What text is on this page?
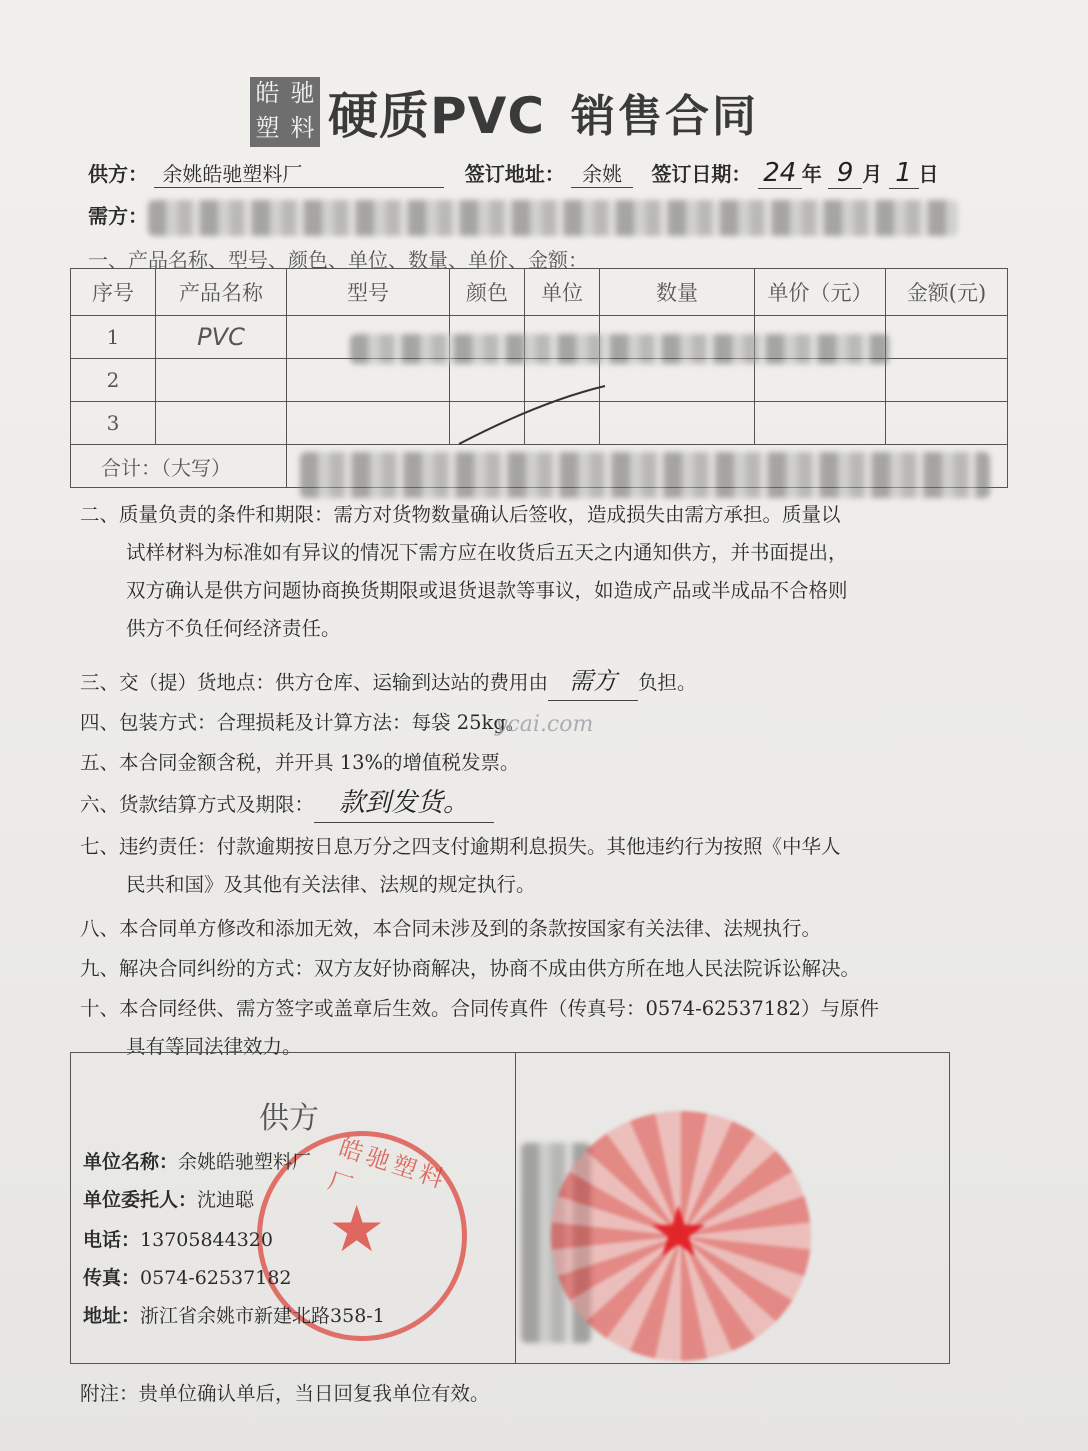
皓 驰
塑 料 硬质PVC 销售合同
供方： 余姚皓驰塑料厂	签订地址： 余姚 签订日期： 24 年 9 月 1 日
需方：
一、产品名称、型号、颜色、单位、数量、单价、金额：
序号	产品名称	型号	颜色	单位	数量	单价（元）	金额(元)
1	PVC						
2							
3							
合计：（大写）							
二、质量负责的条件和期限：需方对货物数量确认后签收，造成损失由需方承担。质量以
试样材料为标准如有异议的情况下需方应在收货后五天之内通知供方，并书面提出，
双方确认是供方问题协商换货期限或退货退款等事议，如造成产品或半成品不合格则
供方不负任何经济责任。
三、交（提）货地点：供方仓库、运输到达站的费用由 需方 负担。
四、包装方式：合理损耗及计算方法：每袋 25kg。
ycai.com
五、本合同金额含税，并开具 13%的增值税发票。
六、货款结算方式及期限： 款到发货。
七、违约责任：付款逾期按日息万分之四支付逾期利息损失。其他违约行为按照《中华人
民共和国》及其他有关法律、法规的规定执行。
八、本合同单方修改和添加无效，本合同未涉及到的条款按国家有关法律、法规执行。
九、解决合同纠纷的方式：双方友好协商解决，协商不成由供方所在地人民法院诉讼解决。
十、本合同经供、需方签字或盖章后生效。合同传真件（传真号：0574-62537182）与原件
具有等同法律效力。
皓驰塑料厂
★
供方
单位名称：余姚皓驰塑料厂
单位委托人：沈迪聪
电话：13705844320
传真：0574-62537182
地址：浙江省余姚市新建北路358-1
★
附注：贵单位确认单后，当日回复我单位有效。
